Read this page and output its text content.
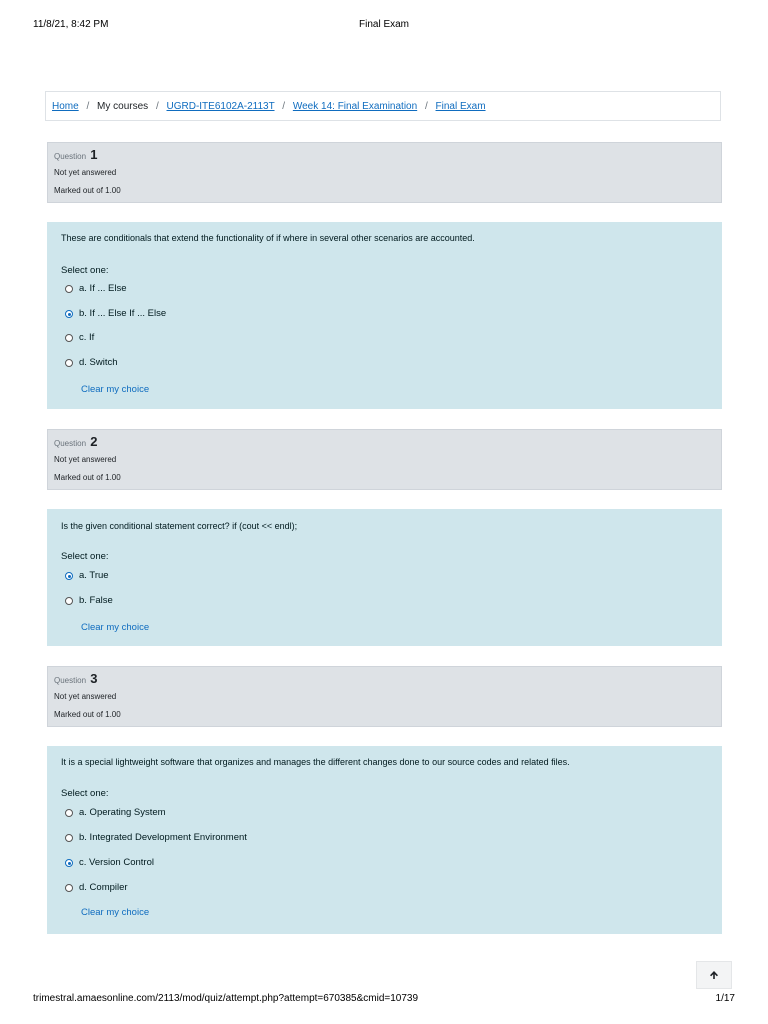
11/8/21, 8:42 PM	Final Exam
Home / My courses / UGRD-ITE6102A-2113T / Week 14: Final Examination / Final Exam
Question 1
Not yet answered
Marked out of 1.00
These are conditionals that extend the functionality of if where in several other scenarios are accounted.
Select one:
a. If ... Else
b. If ... Else If ... Else
c. If
d. Switch
Clear my choice
Question 2
Not yet answered
Marked out of 1.00
Is the given conditional statement correct? if (cout << endl);
Select one:
a. True
b. False
Clear my choice
Question 3
Not yet answered
Marked out of 1.00
It is a special lightweight software that organizes and manages the different changes done to our source codes and related files.
Select one:
a. Operating System
b. Integrated Development Environment
c. Version Control
d. Compiler
Clear my choice
trimestral.amaesonline.com/2113/mod/quiz/attempt.php?attempt=670385&cmid=10739	1/17
